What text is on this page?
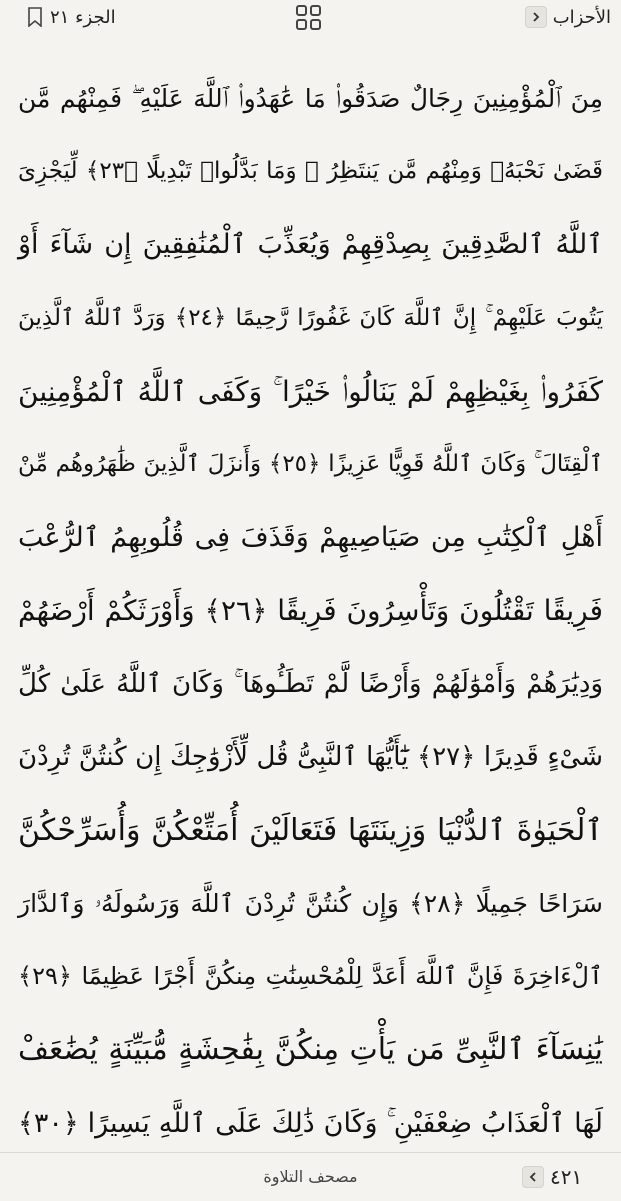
الأحزاب
الجزء ٢١
مِنَ ٱلْمُؤْمِنِينَ رِجَالٌ صَدَقُوا۟ مَا عَٰهَدُوا۟ ٱللَّهَ عَلَيْهِ ۖ فَمِنْهُم مَّن
قَضَىٰ نَحْبَهُۥ وَمِنْهُم مَّن يَنتَظِرُ ۖ وَمَا بَدَّلُوا۟ تَبْدِيلًا ﴿٢٣﴾ لِّيَجْزِىَ
ٱللَّهُ ٱلصَّٰدِقِينَ بِصِدْقِهِمْ وَيُعَذِّبَ ٱلْمُنَٰفِقِينَ إِن شَآءَ أَوْ
يَتُوبَ عَلَيْهِمْ ۚ إِنَّ ٱللَّهَ كَانَ غَفُورًا رَّحِيمًا ﴿٢٤﴾ وَرَدَّ ٱللَّهُ ٱلَّذِينَ
كَفَرُوا۟ بِغَيْظِهِمْ لَمْ يَنَالُوا۟ خَيْرًا ۚ وَكَفَى ٱللَّهُ ٱلْمُؤْمِنِينَ
ٱلْقِتَالَ ۚ وَكَانَ ٱللَّهُ قَوِيًّا عَزِيزًا ﴿٢٥﴾ وَأَنزَلَ ٱلَّذِينَ ظَٰهَرُوهُم مِّنْ
أَهْلِ ٱلْكِتَٰبِ مِن صَيَاصِيهِمْ وَقَذَفَ فِى قُلُوبِهِمُ ٱلرُّعْبَ
فَرِيقًا تَقْتُلُونَ وَتَأْسِرُونَ فَرِيقًا ﴿٢٦﴾ وَأَوْرَثَكُمْ أَرْضَهُمْ
وَدِيَٰرَهُمْ وَأَمْوَٰلَهُمْ وَأَرْضًا لَّمْ تَطَـُٔوهَا ۚ وَكَانَ ٱللَّهُ عَلَىٰ كُلِّ
شَىْءٍ قَدِيرًا ﴿٢٧﴾ يَٰٓأَيُّهَا ٱلنَّبِىُّ قُل لِّأَزْوَٰجِكَ إِن كُنتُنَّ تُرِدْنَ
ٱلْحَيَوٰةَ ٱلدُّنْيَا وَزِينَتَهَا فَتَعَالَيْنَ أُمَتِّعْكُنَّ وَأُسَرِّحْكُنَّ
سَرَاحًا جَمِيلًا ﴿٢٨﴾ وَإِن كُنتُنَّ تُرِدْنَ ٱللَّهَ وَرَسُولَهُۥ وَٱلدَّارَ
ٱلْءَاخِرَةَ فَإِنَّ ٱللَّهَ أَعَدَّ لِلْمُحْسِنَٰتِ مِنكُنَّ أَجْرًا عَظِيمًا ﴿٢٩﴾
يَٰنِسَآءَ ٱلنَّبِىِّ مَن يَأْتِ مِنكُنَّ بِفَٰحِشَةٍ مُّبَيِّنَةٍ يُضَٰعَفْ
لَهَا ٱلْعَذَابُ ضِعْفَيْنِ ۚ وَكَانَ ذَٰلِكَ عَلَى ٱللَّهِ يَسِيرًا ﴿٣٠﴾
مصحف التلاوة	٤٢١
